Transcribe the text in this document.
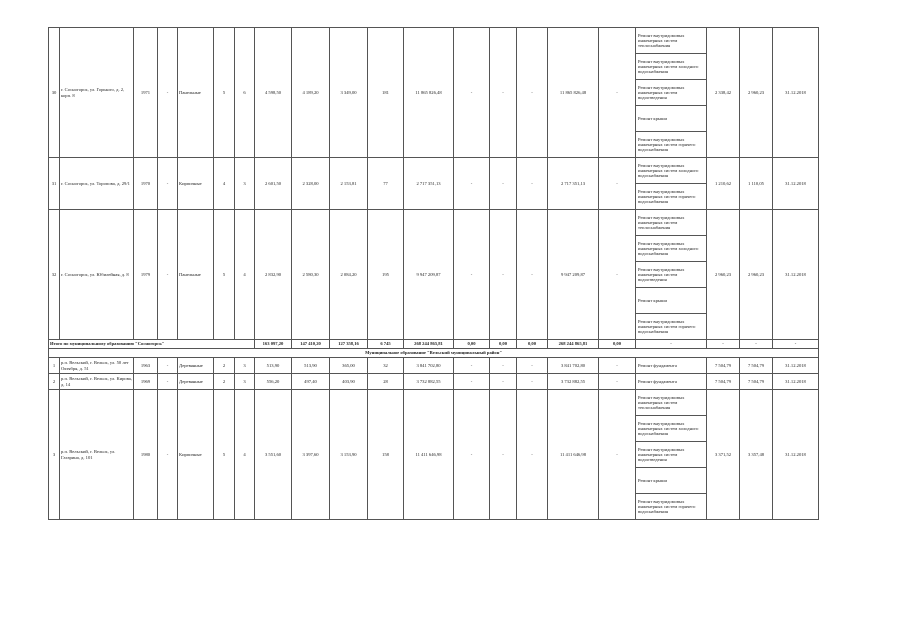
30	г. Сосногорск, ул. Горького, д. 2, корп. 8	1971	-	Панельные	5	6	4 598,50	4 189,20	3 349,00	181	11 865 826,48	-	-	-	11 865 826,48	-	Ремонт внутридомовых инженерных систем теплоснабжения	2 338,42	2 960,23	31.12.2018
																	Ремонт внутридомовых инженерных систем холодного водоснабжения			
																	Ремонт внутридомовых инженерных систем водоотведения			
																	Ремонт крыши			
																	Ремонт внутридомовых инженерных систем горячего водоснабжения			
31	г. Сосногорск, ул. Торопова, д. 29/1	1970	-	Кирпичные	4	3	2 601,50	2 328,00	2 153,81	77	2 717 351,13	-	-	-	2 717 351,13	-	Ремонт внутридомовых инженерных систем холодного водоснабжения	1 210,62	1 110,05	31.12.2018
																	Ремонт внутридомовых инженерных систем горячего водоснабжения			
32	г. Сосногорск, ул. Юбилейная, д. 8	1979	-	Панельные	5	4	2 832,90	2 580,30	2 084,20	195	9 947 209,87	-	-	-	9 947 209,87	-	Ремонт внутридомовых инженерных систем теплоснабжения	2 960,23	2 960,23	31.12.2018
																	Ремонт внутридомовых инженерных систем холодного водоснабжения			
																	Ремонт внутридомовых инженерных систем водоотведения			
																	Ремонт крыши			
																	Ремонт внутридомовых инженерных систем горячего водоснабжения			
Итого по муниципальному образованию "Сосногорск"							163 097,20	147 410,20	127 358,16	6 745	268 244 865,81	0,00	0,00	0,00	268 244 865,81	0,00	-	-	-	-
Муниципальное образование "Вельский муниципальный район"																				
1	р.п. Вельский, г. Вельск, ул. 50 лет Октября, д. 51	1963	-	Деревянные	2	3	513,90	513,90	365,00	32	3 841 702,80	-	-	-	3 841 702,80	-	Ремонт фундамента	7 504,79	7 504,79	31.12.2018
2	р.п. Вельский, г. Вельск, ул. Кирова, д. 14	1969	-	Деревянные	2	3	556,20	497,40	403,90	28	3 732 882,55	-	-	-	3 732 882,55	-	Ремонт фундамента	7 504,79	7 504,79	31.12.2018
3	р.п. Вельский, г. Вельск, ул. Гагарина, д. 101	1980	-	Кирпичные	5	4	3 551,60	3 397,60	3 153,90	158	11 411 646,98	-	-	-	11 411 646,98	-	Ремонт внутридомовых инженерных систем теплоснабжения	3 371,52	3 357,48	31.12.2018
																	Ремонт внутридомовых инженерных систем холодного водоснабжения			
																	Ремонт внутридомовых инженерных систем водоотведения			
																	Ремонт крыши			
																	Ремонт внутридомовых инженерных систем горячего водоснабжения			
